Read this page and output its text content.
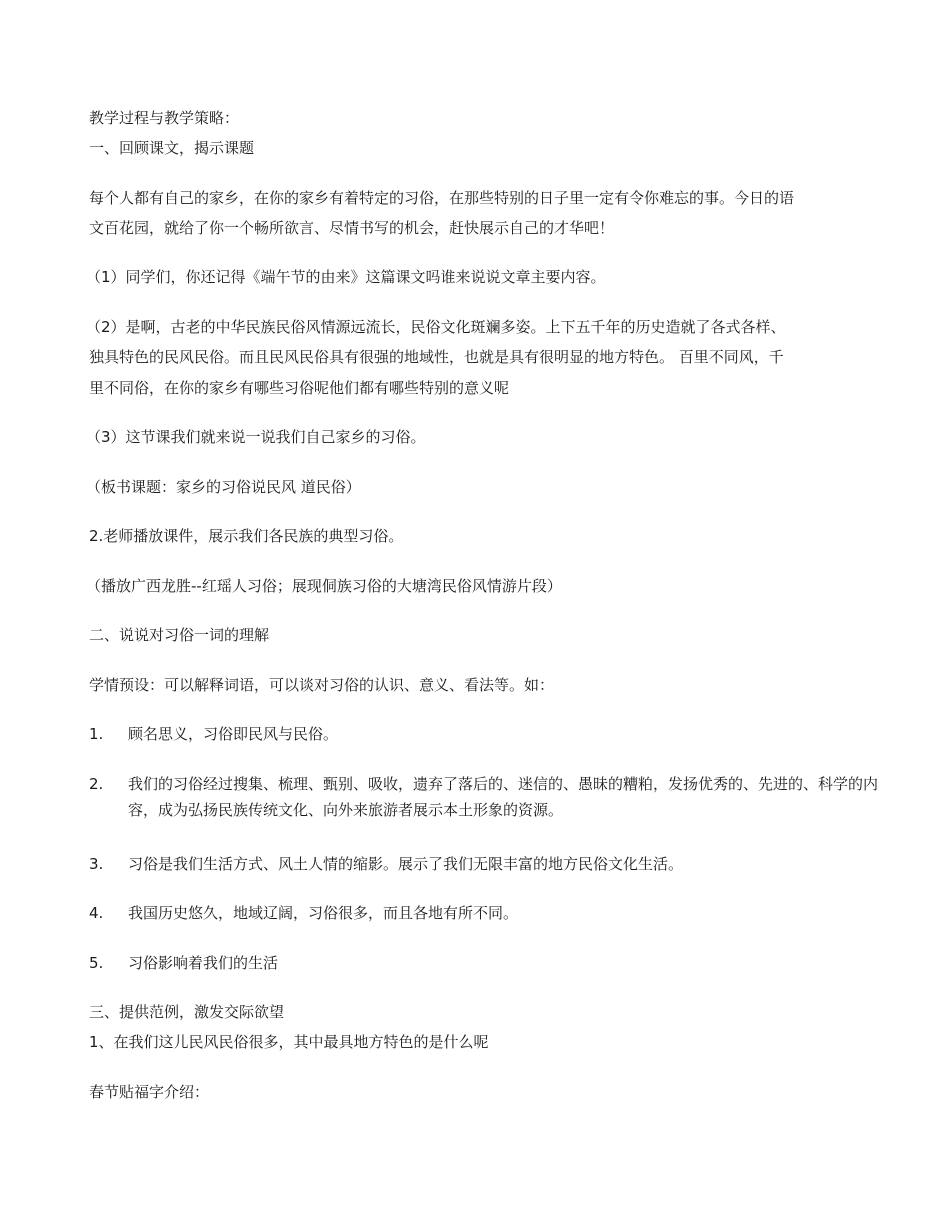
教学过程与教学策略：

一、回顾课文，揭示课题

每个人都有自己的家乡，在你的家乡有着特定的习俗，在那些特别的日子里一定有令你难忘的事。今日的语

文百花园，就给了你一个畅所欲言、尽情书写的机会，赶快展示自己的才华吧！

（1）同学们，你还记得《端午节的由来》这篇课文吗谁来说说文章主要内容。

（2）是啊，古老的中华民族民俗风情源远流长，民俗文化斑斓多姿。上下五千年的历史造就了各式各样、

独具特色的民风民俗。而且民风民俗具有很强的地域性，也就是具有很明显的地方特色。 百里不同风，千

里不同俗，在你的家乡有哪些习俗呢他们都有哪些特别的意义呢

（3）这节课我们就来说一说我们自己家乡的习俗。

（板书课题：家乡的习俗说民风 道民俗）

2.老师播放课件，展示我们各民族的典型习俗。

（播放广西龙胜--红瑶人习俗；展现侗族习俗的大塘湾民俗风情游片段）

二、说说对习俗一词的理解

学情预设：可以解释词语，可以谈对习俗的认识、意义、看法等。如：

1.	顾名思义，习俗即民风与民俗。
2.	我们的习俗经过搜集、梳理、甄别、吸收，遗弃了落后的、迷信的、愚昧的糟粕，发扬优秀的、先进的、科学的内容，成为弘扬民族传统文化、向外来旅游者展示本土形象的资源。
3.	习俗是我们生活方式、风土人情的缩影。展示了我们无限丰富的地方民俗文化生活。
4.	我国历史悠久，地域辽阔，习俗很多，而且各地有所不同。
5.	习俗影响着我们的生活

三、提供范例，激发交际欲望

1、在我们这儿民风民俗很多，其中最具地方特色的是什么呢

春节贴福字介绍：
